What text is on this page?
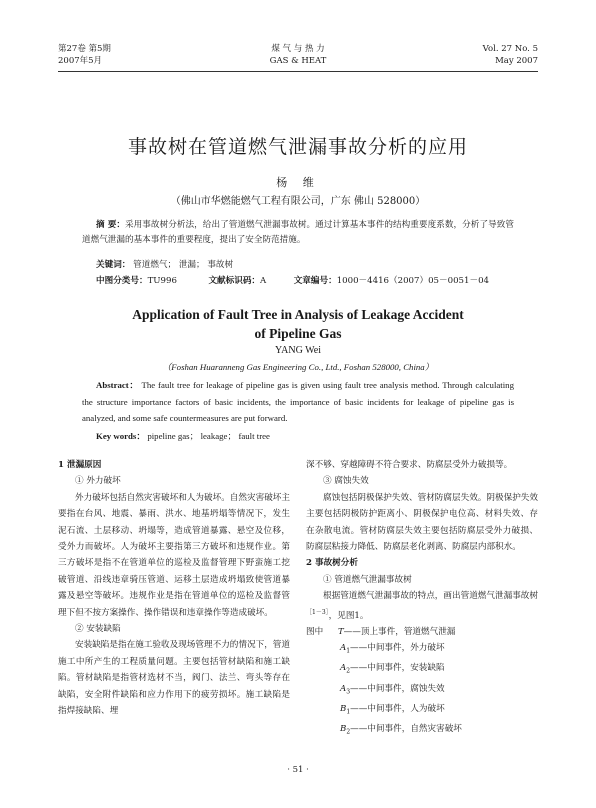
第27卷 第5期
2007年5月
煤 气 与 热 力
GAS & HEAT
Vol. 27 No. 5
May 2007
事故树在管道燃气泄漏事故分析的应用
杨 维
（佛山市华燃能燃气工程有限公司，广东 佛山 528000）
摘 要：采用事故树分析法，给出了管道燃气泄漏事故树。通过计算基本事件的结构重要度系数，分析了导致管道燃气泄漏的基本事件的重要程度，提出了安全防范措施。
关键词： 管道燃气； 泄漏； 事故树
中图分类号：TU996	文献标识码：A	文章编号：1000－4416（2007）05－0051－04
Application of Fault Tree in Analysis of Leakage Accident
of Pipeline Gas
YANG Wei
（Foshan Huaranneng Gas Engineering Co., Ltd., Foshan 528000, China）
Abstract： The fault tree for leakage of pipeline gas is given using fault tree analysis method. Through calculating the structure importance factors of basic incidents, the importance of basic incidents for leakage of pipeline gas is analyzed, and some safe countermeasures are put forward.
Key words： pipeline gas； leakage； fault tree

1 泄漏原因

① 外力破坏

外力破坏包括自然灾害破坏和人为破坏。自然灾害破坏主要指在台风、地震、暴雨、洪水、地基坍塌等情况下，发生泥石流、土层移动、坍塌等，造成管道暴露、悬空及位移，受外力而破坏。人为破坏主要指第三方破坏和违规作业。第三方破坏是指不在管道单位的巡检及监督管理下野蛮施工挖破管道、沿线违章骑压管道、运移土层造成坍塌致使管道暴露及悬空等破坏。违规作业是指在管道单位的巡检及监督管理下但不按方案操作、操作错误和违章操作等造成破坏。

② 安装缺陷

安装缺陷是指在施工验收及现场管理不力的情况下，管道施工中所产生的工程质量问题。主要包括管材缺陷和施工缺陷。管材缺陷是指管材选材不当，阀门、法兰、弯头等存在缺陷，安全附件缺陷和应力作用下的疲劳损坏。施工缺陷是指焊接缺陷、埋

深不够、穿越障碍不符合要求、防腐层受外力破损等。

③ 腐蚀失效

腐蚀包括阴极保护失效、管材防腐层失效。阴极保护失效主要包括阴极防护距离小、阴极保护电位高、材料失效、存在杂散电流。管材防腐层失效主要包括防腐层受外力破损、防腐层粘接力降低、防腐层老化剥离、防腐层内部积水。

2 事故树分析

① 管道燃气泄漏事故树

根据管道燃气泄漏事故的特点，画出管道燃气泄漏事故树$^{[1-3]}$，见图1。

图中 T——顶上事件，管道燃气泄漏
$A_1——$中间事件，外力破坏
$A_2——$中间事件，安装缺陷
$A_3——$中间事件，腐蚀失效
$B_1——$中间事件，人为破坏
$B_2——$中间事件，自然灾害破坏
· 51 ·
